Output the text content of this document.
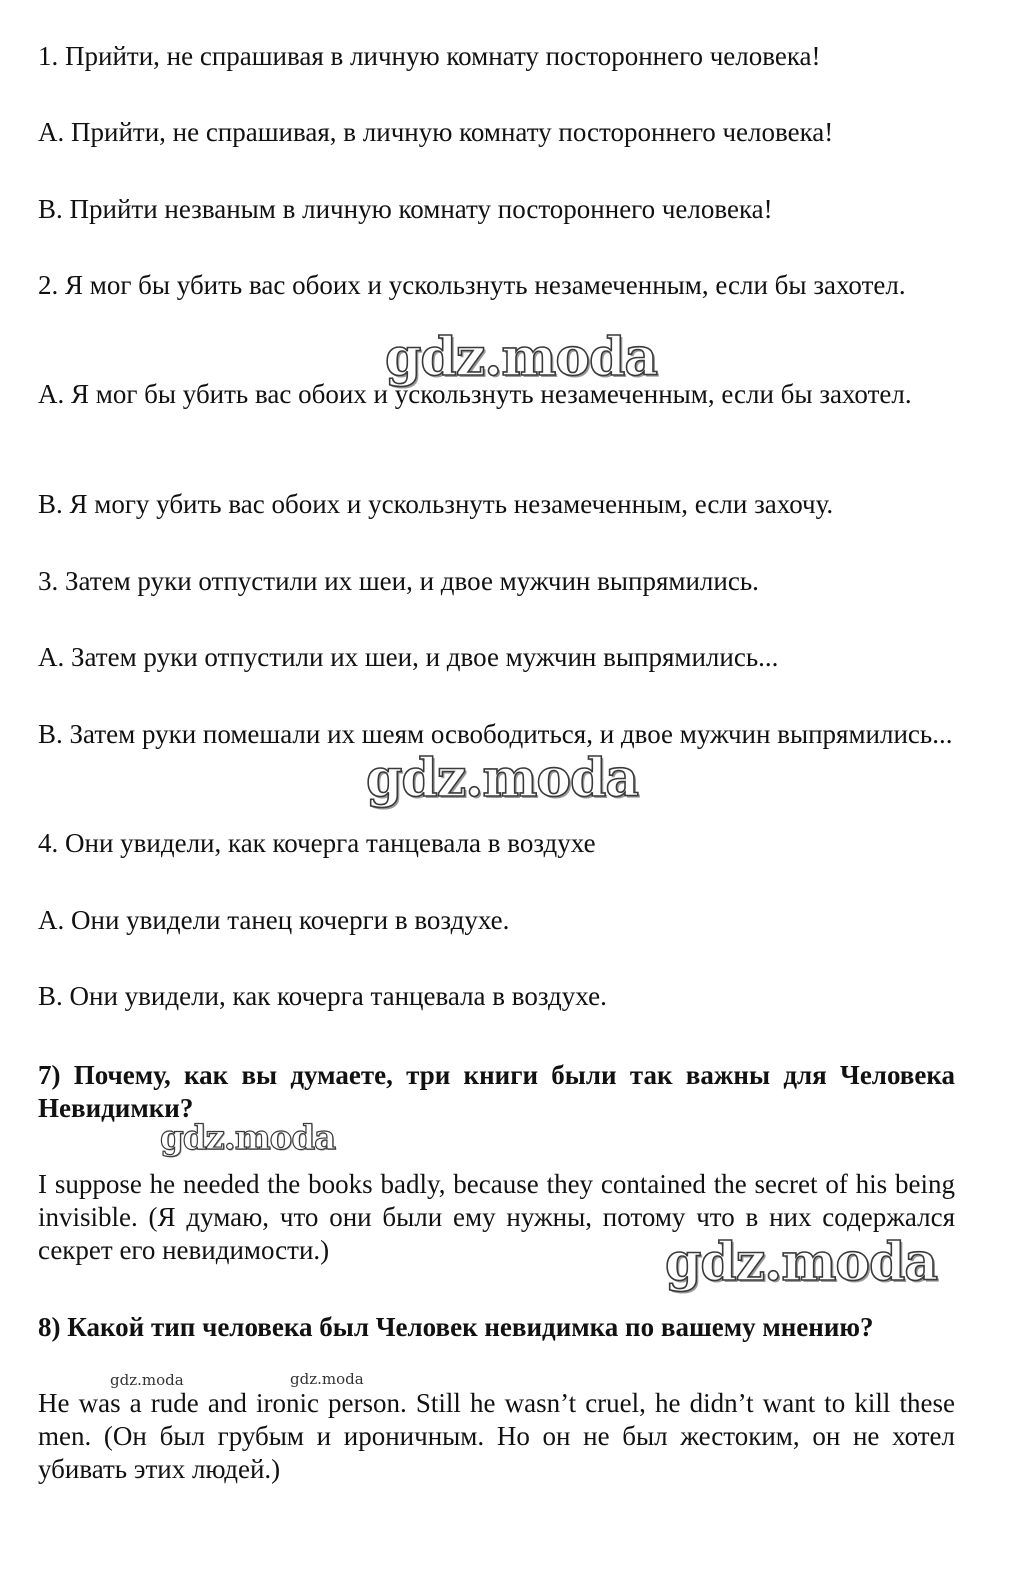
1. Прийти, не спрашивая в личную комнату постороннего человека!

А. Прийти, не спрашивая, в личную комнату постороннего человека!

В. Прийти незваным в личную комнату постороннего человека!

2. Я мог бы убить вас обоих и ускользнуть незамеченным, если бы захотел.

А. Я мог бы убить вас обоих и ускользнуть незамеченным, если бы захотел.

В. Я могу убить вас обоих и ускользнуть незамеченным, если захочу.

3. Затем руки отпустили их шеи, и двое мужчин выпрямились.

А. Затем руки отпустили их шеи, и двое мужчин выпрямились...

В. Затем руки помешали их шеям освободиться, и двое мужчин выпрямились...

4. Они увидели, как кочерга танцевала в воздухе

А. Они увидели танец кочерги в воздухе.

В. Они увидели, как кочерга танцевала в воздухе.

7) Почему, как вы думаете, три книги были так важны для Человека Невидимки?

I suppose he needed the books badly, because they contained the secret of his being invisible. (Я думаю, что они были ему нужны, потому что в них содержался секрет его невидимости.)

8) Какой тип человека был Человек невидимка по вашему мнению?

He was a rude and ironic person. Still he wasn’t cruel, he didn’t want to kill these men. (Он был грубым и ироничным. Но он не был жестоким, он не хотел убивать этих людей.)

gdz.moda
gdz.moda
gdz.moda
gdz.moda
gdz.moda	gdz.moda
